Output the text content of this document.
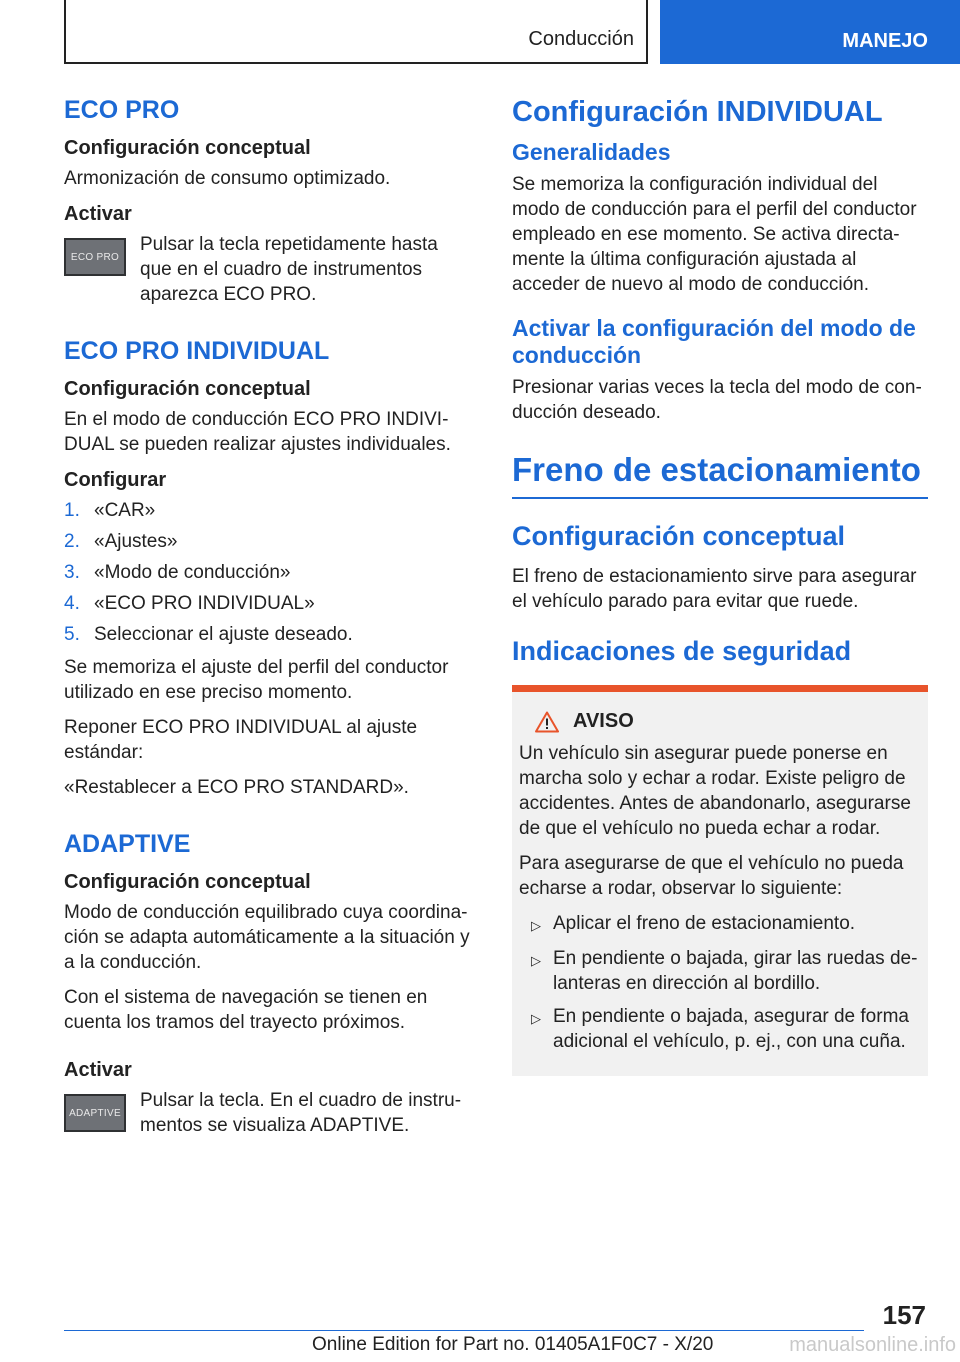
Conducción	MANEJO
ECO PRO
Configuración conceptual
Armonización de consumo optimizado.
Activar
ECO PRO
Pulsar la tecla repetidamente hasta que en el cuadro de instrumentos aparezca ECO PRO.
ECO PRO INDIVIDUAL
Configuración conceptual
En el modo de conducción ECO PRO INDIVIDUAL se pueden realizar ajustes individuales.
Configurar
1. «CAR»
2. «Ajustes»
3. «Modo de conducción»
4. «ECO PRO INDIVIDUAL»
5. Seleccionar el ajuste deseado.
Se memoriza el ajuste del perfil del conductor utilizado en ese preciso momento.
Reponer ECO PRO INDIVIDUAL al ajuste estándar:
«Restablecer a ECO PRO STANDARD».
ADAPTIVE
Configuración conceptual
Modo de conducción equilibrado cuya coordinación se adapta automáticamente a la situación y a la conducción.
Con el sistema de navegación se tienen en cuenta los tramos del trayecto próximos.
Activar
ADAPTIVE
Pulsar la tecla. En el cuadro de instrumentos se visualiza ADAPTIVE.
Configuración INDIVIDUAL
Generalidades
Se memoriza la configuración individual del modo de conducción para el perfil del conductor empleado en ese momento. Se activa directamente la última configuración ajustada al acceder de nuevo al modo de conducción.
Activar la configuración del modo de conducción
Presionar varias veces la tecla del modo de conducción deseado.
Freno de estacionamiento
Configuración conceptual
El freno de estacionamiento sirve para asegurar el vehículo parado para evitar que ruede.
Indicaciones de seguridad
AVISO
Un vehículo sin asegurar puede ponerse en marcha solo y echar a rodar. Existe peligro de accidentes. Antes de abandonarlo, asegurarse de que el vehículo no pueda echar a rodar.
Para asegurarse de que el vehículo no pueda echarse a rodar, observar lo siguiente:
▷ Aplicar el freno de estacionamiento.
▷ En pendiente o bajada, girar las ruedas delanteras en dirección al bordillo.
▷ En pendiente o bajada, asegurar de forma adicional el vehículo, p. ej., con una cuña.
157
Online Edition for Part no. 01405A1F0C7 - X/20	manualsonline.info
